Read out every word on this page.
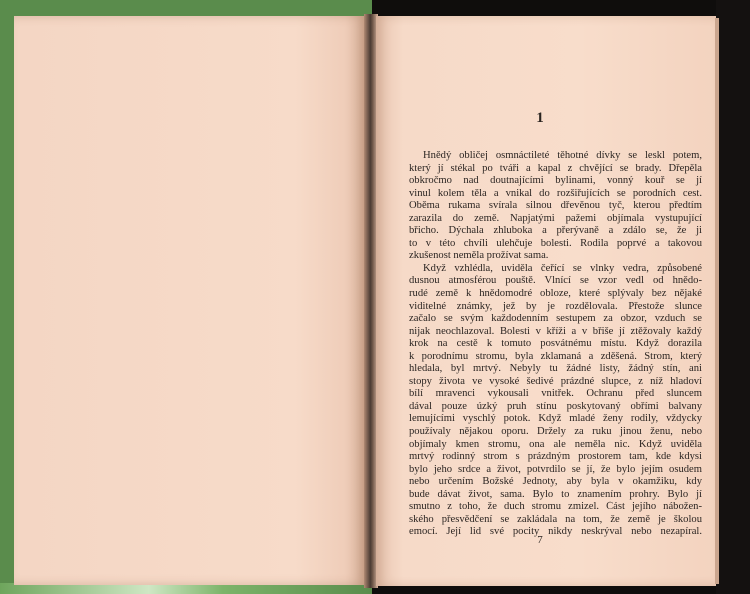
1
Hnědý obličej osmnáctileté těhotné dívky se leskl potem,
který jí stékal po tváři a kapal z chvějící se brady. Dřepěla
obkročmo nad doutnajícími bylinami, vonný kouř se jí
vinul kolem těla a vnikal do rozšiřujících se porodních cest.
Oběma rukama svírala silnou dřevěnou tyč, kterou předtím
zarazila do země. Napjatými pažemi objímala vystupující
břicho. Dýchala zhluboka a přerývaně a zdálo se, že ji
to v této chvíli ulehčuje bolesti. Rodila poprvé a takovou
zkušenost neměla prožívat sama.
Když vzhlédla, uviděla čeřící se vlnky vedra, způsobené
dusnou atmosférou pouště. Vlnící se vzor vedl od hnědo-
rudé země k hnědomodré obloze, které splývaly bez nějaké
viditelné známky, jež by je rozdělovala. Přestože slunce
začalo se svým každodenním sestupem za obzor, vzduch se
nijak neochlazoval. Bolesti v kříži a v břiše jí ztěžovaly každý
krok na cestě k tomuto posvátnému místu. Když dorazila
k porodnímu stromu, byla zklamaná a zděšená. Strom, který
hledala, byl mrtvý. Nebyly tu žádné listy, žádný stín, ani
stopy života ve vysoké šedivé prázdné slupce, z níž hladoví
bílí mravenci vykousali vnitřek. Ochranu před sluncem
dával pouze úzký pruh stínu poskytovaný obřími balvany
lemujícími vyschlý potok. Když mladé ženy rodily, vždycky
používaly nějakou oporu. Držely za ruku jinou ženu, nebo
objímaly kmen stromu, ona ale neměla nic. Když uviděla
mrtvý rodinný strom s prázdným prostorem tam, kde kdysi
bylo jeho srdce a život, potvrdilo se jí, že bylo jejím osudem
nebo určením Božské Jednoty, aby byla v okamžiku, kdy
bude dávat život, sama. Bylo to znamením prohry. Bylo jí
smutno z toho, že duch stromu zmizel. Část jejího nábožen-
ského přesvědčení se zakládala na tom, že země je školou
emocí. Její lid své pocity nikdy neskrýval nebo nezapíral.
7
